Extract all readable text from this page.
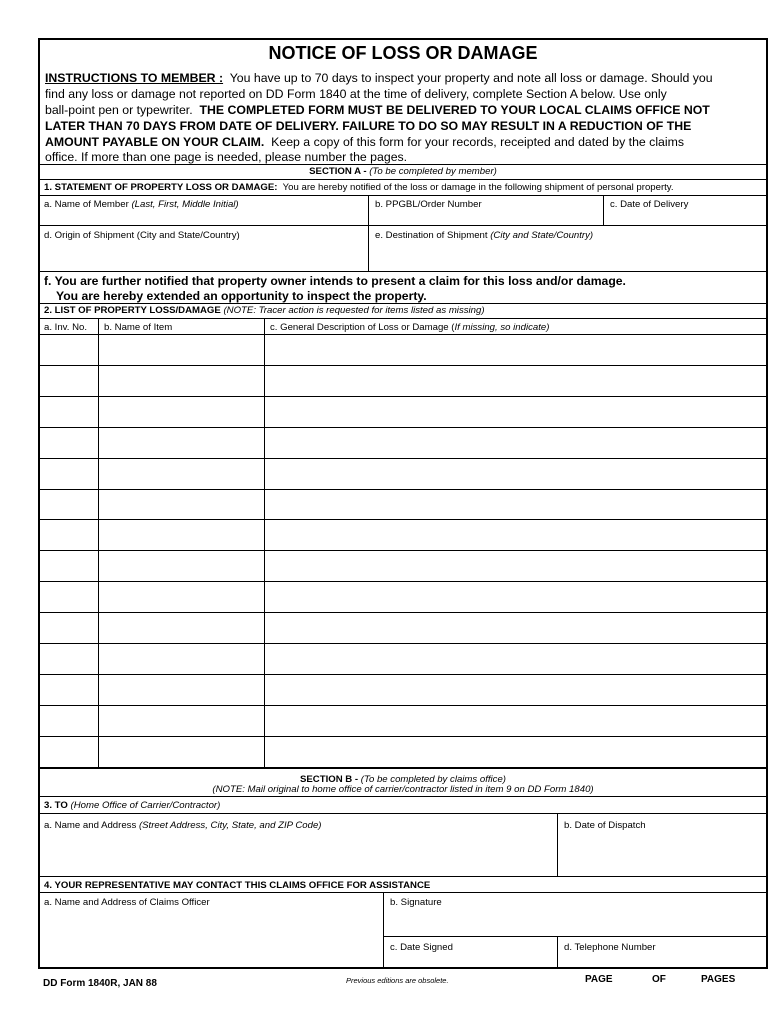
NOTICE OF LOSS OR DAMAGE
INSTRUCTIONS TO MEMBER : You have up to 70 days to inspect your property and note all loss or damage. Should you
find any loss or damage not reported on DD Form 1840 at the time of delivery, complete Section A below. Use only
ball-point pen or typewriter. THE COMPLETED FORM MUST BE DELIVERED TO YOUR LOCAL CLAIMS OFFICE NOT
LATER THAN 70 DAYS FROM DATE OF DELIVERY. FAILURE TO DO SO MAY RESULT IN A REDUCTION OF THE
AMOUNT PAYABLE ON YOUR CLAIM. Keep a copy of this form for your records, receipted and dated by the claims
office. If more than one page is needed, please number the pages.
SECTION A - (To be completed by member)
1. STATEMENT OF PROPERTY LOSS OR DAMAGE: You are hereby notified of the loss or damage in the following shipment of personal property.
a. Name of Member (Last, First, Middle Initial)	b. PPGBL/Order Number	c. Date of Delivery
d. Origin of Shipment (City and State/Country)	e. Destination of Shipment (City and State/Country)
f. You are further notified that property owner intends to present a claim for this loss and/or damage.
You are hereby extended an opportunity to inspect the property.
2. LIST OF PROPERTY LOSS/DAMAGE (NOTE: Tracer action is requested for items listed as missing)
a. Inv. No. b. Name of Item	c. General Description of Loss or Damage (If missing, so indicate)
SECTION B - (To be completed by claims office)
(NOTE: Mail original to home office of carrier/contractor listed in item 9 on DD Form 1840)
3. TO (Home Office of Carrier/Contractor)
a. Name and Address (Street Address, City, State, and ZIP Code)	b. Date of Dispatch
4. YOUR REPRESENTATIVE MAY CONTACT THIS CLAIMS OFFICE FOR ASSISTANCE
a. Name and Address of Claims Officer	b. Signature
c. Date Signed	d. Telephone Number
DD Form 1840R, JAN 88	Previous editions are obsolete.	PAGE	OF	PAGES
